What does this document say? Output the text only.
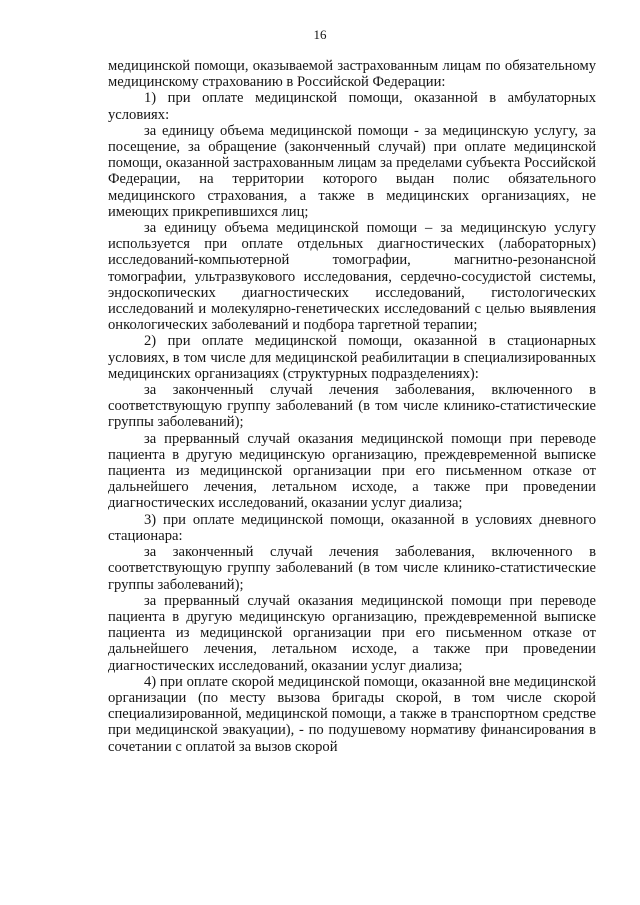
16

медицинской помощи, оказываемой застрахованным лицам по обязательному медицинскому страхованию в Российской Федерации:

1) при оплате медицинской помощи, оказанной в амбулаторных условиях:

за единицу объема медицинской помощи - за медицинскую услугу, за посещение, за обращение (законченный случай) при оплате медицинской помощи, оказанной застрахованным лицам за пределами субъекта Российской Федерации, на территории которого выдан полис обязательного медицинского страхования, а также в медицинских организациях, не имеющих прикрепившихся лиц;

за единицу объема медицинской помощи – за медицинскую услугу используется при оплате отдельных диагностических (лабораторных) исследований-компьютерной томографии, магнитно-резонансной томографии, ультразвукового исследования, сердечно-сосудистой системы, эндоскопических диагностических исследований, гистологических исследований и молекулярно-генетических исследований с целью выявления онкологических заболеваний и подбора таргетной терапии;

2) при оплате медицинской помощи, оказанной в стационарных условиях, в том числе для медицинской реабилитации в специализированных медицинских организациях (структурных подразделениях):

за законченный случай лечения заболевания, включенного в соответствующую группу заболеваний (в том числе клинико-статистические группы заболеваний);

за прерванный случай оказания медицинской помощи при переводе пациента в другую медицинскую организацию, преждевременной выписке пациента из медицинской организации при его письменном отказе от дальнейшего лечения, летальном исходе, а также при проведении диагностических исследований, оказании услуг диализа;

3) при оплате медицинской помощи, оказанной в условиях дневного стационара:

за законченный случай лечения заболевания, включенного в соответствующую группу заболеваний (в том числе клинико-статистические группы заболеваний);

за прерванный случай оказания медицинской помощи при переводе пациента в другую медицинскую организацию, преждевременной выписке пациента из медицинской организации при его письменном отказе от дальнейшего лечения, летальном исходе, а также при проведении диагностических исследований, оказании услуг диализа;

4) при оплате скорой медицинской помощи, оказанной вне медицинской организации (по месту вызова бригады скорой, в том числе скорой специализированной, медицинской помощи, а также в транспортном средстве при медицинской эвакуации), - по подушевому нормативу финансирования в сочетании с оплатой за вызов скорой
